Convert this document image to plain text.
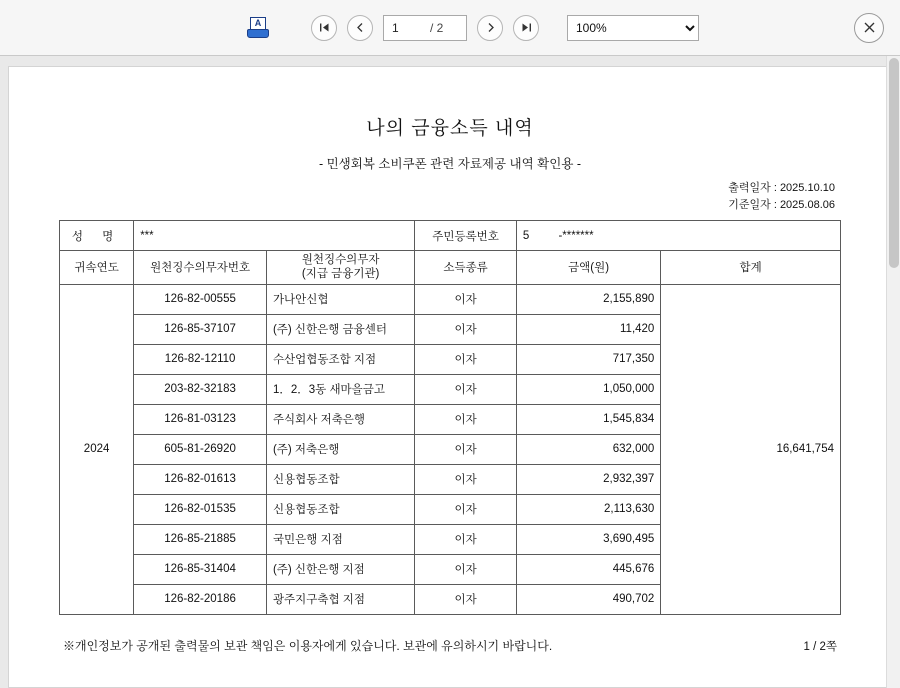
A
1	/ 2
100%
나의 금융소득 내역
- 민생회복 소비쿠폰 관련 자료제공 내역 확인용 -
출력일자 : 2025.10.10
기준일자 : 2025.08.06
성 명	***		주민등록번호	5 -*******	
귀속연도	원천징수의무자번호	원천징수의무자
(지급 금융기관)	소득종류	금액(원)	합계
2024	126-82-00555	가나안신협	이자	2,155,890	16,641,754
	126-85-37107	(주) 신한은행 금융센터	이자	11,420	
	126-82-12110	수산업협동조합 지점	이자	717,350	
	203-82-32183	1．2．3동 새마을금고	이자	1,050,000	
	126-81-03123	주식회사 저축은행	이자	1,545,834	
	605-81-26920	(주) 저축은행	이자	632,000	
	126-82-01613	신용협동조합	이자	2,932,397	
	126-82-01535	신용협동조합	이자	2,113,630	
	126-85-21885	국민은행 지점	이자	3,690,495	
	126-85-31404	(주) 신한은행 지점	이자	445,676	
	126-82-20186	광주지구축협 지점	이자	490,702	
※개인정보가 공개된 출력물의 보관 책임은 이용자에게 있습니다. 보관에 유의하시기 바랍니다.	1 / 2쪽
